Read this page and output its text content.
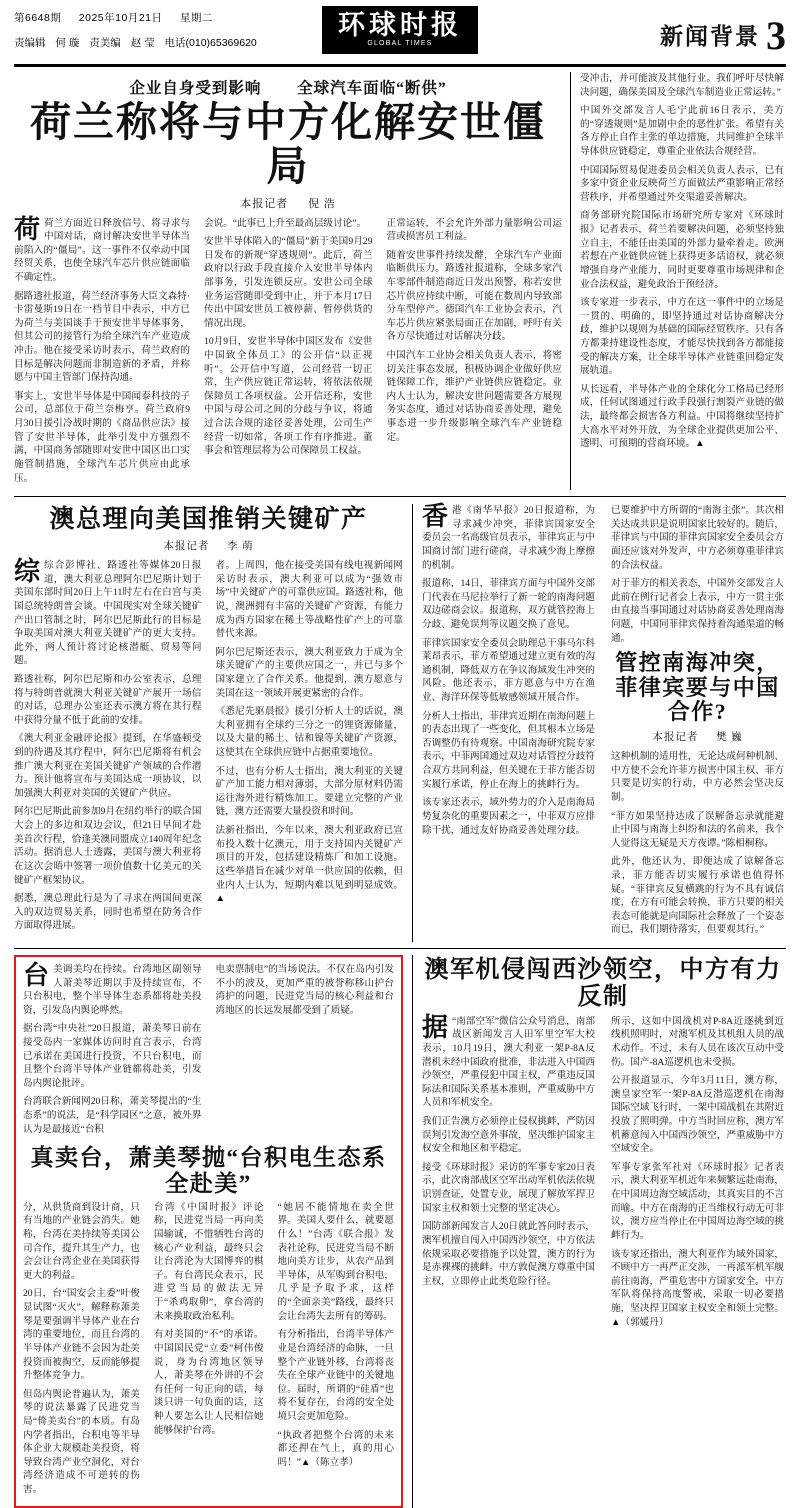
第6648期 2025年10月21日 星期二
责编辑 何 璇 责美编 赵 莹 电话(010)65369620
环球时报
GLOBAL TIMES	新闻背景 3
企业自身受到影响 全球汽车面临“断供”
荷兰称将与中方化解安世僵局
本报记者 倪 浩

荷荷兰方面近日释放信号、将寻求与中国对话，商讨解决安世半导体当前陷入的“僵局”。这一事件不仅牵动中国经贸关系，也使全球汽车芯片供应链面临不确定性。

据路透社报道，荷兰经济事务大臣文森特·卡雷曼斯19日在一档节目中表示，中方已为荷兰与美国谈手干预安世半导体事务，但其公司的接管行为给全球汽车产业造成冲击。他在接受采访时表示，荷兰政府的目标是解决问题而非制造新的矛盾，并称愿与中国主管部门保持沟通。

事实上，安世半导体是中国闻泰科技的子公司，总部位于荷兰奈梅亨。荷兰政府9月30日援引冷战时期的《商品供应法》接管了安世半导体，此举引发中方强烈不满，中国商务部随即对安世中国区出口实施管制措施，全球汽车芯片供应由此承压。

会说。“此事已上升至最高层级讨论”。

安世半导体陷入的“僵局”新于美国9月29日发布的新规“穿透规则”。此后，荷兰政府以行政手段直接介入安世半导体内部事务，引发连锁反应。安世公司全球业务运营随即受到中止，并于本月17日传出中国安世员工被停薪、暂停供货的情况出现。

10月9日，安世半导体中国区发布《安世中国致全体员工》的公开信“以正视听”。公开信中写道，公司经营一切正常，生产供应链正常运转，将依法依规保障员工各项权益。公开信还称，安世中国与母公司之间的分歧与争议，将通过合法合规的途径妥善处理，公司生产经营一切如常，各项工作有序推进。董事会和管理层将为公司保障员工权益。

正常运转，不会允许外部力量影响公司运营或损害员工利益。

随着安世事件持续发酵，全球汽车产业面临断供压力。路透社报道称，全球多家汽车零部件制造商近日发出预警，称若安世芯片供应持续中断，可能在数周内导致部分车型停产。德国汽车工业协会表示，汽车芯片供应紧张局面正在加剧，呼吁有关各方尽快通过对话解决分歧。

中国汽车工业协会相关负责人表示，将密切关注事态发展，积极协调企业做好供应链保障工作，维护产业链供应链稳定。业内人士认为，解决安世问题需要各方展现务实态度，通过对话协商妥善处理，避免事态进一步升级影响全球汽车产业链稳定。

受冲击，并可能波及其他行业。我们呼吁尽快解决问题，确保美国及全球汽车制造业正常运转。”

中国外交部发言人毛宁此前16日表示，美方的“穿透规则”是加剧中企的恶性扩张。希望有关各方停止自作主张的单边措施，共同维护全球半导体供应链稳定，尊重企业依法合规经营。

中国国际贸易促进委员会相关负责人表示，已有多家中资企业反映荷兰方面做法严重影响正常经营秩序，并希望通过外交渠道妥善解决。

商务部研究院国际市场研究所专家对《环球时报》记者表示，荷兰若要解决问题，必须坚持独立自主，不能任由美国的外部力量牵着走。欧洲若想在产业链供应链上获得更多话语权，就必须增强自身产业能力，同时更要尊重市场规律和企业合法权益，避免政治干预经济。

该专家进一步表示，中方在这一事件中的立场是一贯的、明确的，即坚持通过对话协商解决分歧，维护以规则为基础的国际经贸秩序。只有各方都秉持建设性态度，才能尽快找到各方都能接受的解决方案，让全球半导体产业链重回稳定发展轨道。

从长远看，半导体产业的全球化分工格局已经形成，任何试图通过行政手段强行割裂产业链的做法，最终都会损害各方利益。中国将继续坚持扩大高水平对外开放，为全球企业提供更加公平、透明、可预期的营商环境。▲

澳总理向美国推销关键矿产
本报记者 李 萌

综综合彭博社、路透社等媒体20日报道，澳大利亚总理阿尔巴尼斯计划于美国东部时间20日上午11时左右在白宫与美国总统特朗普会谈。中国现实对全球关键矿产出口管制之时，阿尔巴尼斯此行的目标是争取美国对澳大利亚关键矿产的更大支持。此外，两人预计将讨论核潜艇、贸易等问题。

路透社称，阿尔巴尼斯和办公室表示，总理将与特朗普就澳大利亚关键矿产展开一场信的对话，总理办公室还表示澳方将在其行程中获得分量不低于此前的安排。

《澳大利亚金融评论报》提到，在华盛顿受到的待遇及其疗程中，阿尔巴尼斯将有机会推广澳大利亚在美国关键矿产领域的合作潜力。预计他将宣布与美国达成一项协议，以加强澳大利亚对美国的关键矿产供应。

阿尔巴尼斯此前参加9月在纽约举行的联合国大会上的多边和双边会议，但21日早间才赴美首次行程，恰逢美澳同盟成立140周年纪念活动。据消息人士透露，美国与澳大利亚将在这次会晤中签署一项价值数十亿美元的关键矿产框架协议。

据悉，澳总理此行是为了寻求在两国间更深入的双边贸易关系，同时也希望在防务合作方面取得进展。

者。上周四，他在接受美国有线电视新闻网采访时表示，澳大利亚可以成为“强效市场”中关键矿产的可靠供应国。路透社称，他说，澳洲拥有丰富的关键矿产资源，有能力成为西方国家在稀土等战略性矿产上的可靠替代来源。

阿尔巴尼斯还表示，澳大利亚致力于成为全球关键矿产的主要供应国之一，并已与多个国家建立了合作关系。他提到，澳方愿意与美国在这一领域开展更紧密的合作。

《悉尼先驱晨报》援引分析人士的话说，澳大利亚拥有全球约三分之一的锂资源储量，以及大量的稀土、钴和镍等关键矿产资源，这使其在全球供应链中占据重要地位。

不过，也有分析人士指出，澳大利亚的关键矿产加工能力相对薄弱，大部分原材料仍需运往海外进行精炼加工。要建立完整的产业链，澳方还需要大量投资和时间。

法新社指出，今年以来，澳大利亚政府已宣布投入数十亿澳元，用于支持国内关键矿产项目的开发，包括建设精炼厂和加工设施。这些举措旨在减少对单一供应国的依赖，但业内人士认为，短期内难以见到明显成效。▲

香港《南华早报》20日报道称，为寻求减少冲突，菲律宾国家安全委员会一名高级官员表示，菲律宾正与中国商讨部门进行磋商，寻求减少海上摩擦的机制。

报道称，14日，菲律宾方面与中国外交部门代表在马尼拉举行了新一轮的南海问题双边磋商会议。报道称，双方就管控海上分歧、避免误判等议题交换了意见。

菲律宾国家安全委员会助理总干事马尔科莱昂表示，菲方希望通过建立更有效的沟通机制，降低双方在争议海域发生冲突的风险。他还表示，菲方愿意与中方在渔业、海洋环保等低敏感领域开展合作。

分析人士指出，菲律宾近期在南海问题上的表态出现了一些变化，但其根本立场是否调整仍有待观察。中国南海研究院专家表示，中菲两国通过双边对话管控分歧符合双方共同利益，但关键在于菲方能否切实履行承诺，停止在海上的挑衅行为。

该专家还表示，域外势力的介入是南海局势复杂化的重要因素之一，中菲双方应排除干扰，通过友好协商妥善处理分歧。

已要维护中方所谓的“南海主张”。其次相关达成共识是说明国家比较好的。随后，菲律宾与中国的菲律宾国家安全委员会方面还应该对外发声，中方必须尊重菲律宾的合法权益。

对于菲方的相关表态，中国外交部发言人此前在例行记者会上表示，中方一贯主张由直接当事国通过对话协商妥善处理南海问题，中国同菲律宾保持着沟通渠道的畅通。

管控南海冲突，菲律宾要与中国合作?
本报记者 樊 巍

这种机制的适用性，无论达成何种机制、中方使不会允许菲方损害中国主权、菲方只要是切实的行动，中方必然会坚决反制。

“菲方如果坚持达成了误解备忘录就能避止中国与南海上纠纷和法的名前来，我个人觉得这无疑是天方夜谭。”陈相桐称。

此外，他还认为，即便达成了谅解备忘录，菲方能否切实履行承诺也值得怀疑。“菲律宾反复横跳的行为不具有诚信度，在方有可能会转换，菲方只要的相关表态可能就是向国际社会释放了一个姿态而已，我们期待落实，但要观其行。”

台美调美均在持续。台湾地区副领导人萧美琴近期以手及持续宣布，不只台积电，整个半导体生态系都将赴美投资，引发岛内舆论哗然。

据台湾“中央社”20日报道，萧美琴日前在接受岛内一家媒体访问时直言表示，台湾已承诺在美国进行投资，不只台积电，而且整个台湾半导体产业链都将赴美，引发岛内舆论批评。

台湾联合新闻网20日称，萧美琴提出的“生态系”的说法，是“科学园区”之意，被外界认为是最接近“台积

电卖票制电”的当场说法。不仅在岛内引发不小的波及，更加严重的被誉称移山护台湾护的问题，民进党当局的核心利益和台湾地区的长远发展都受到了质疑。

真卖台，萧美琴抛“台积电生态系全赴美”

分，从供货商到设计商，只有当地的产业链会消失。她称，台湾在美持续等美国公司合作，提升其生产力，也会会让台湾企业在美国获得更大的利益。

20日，台“国安会主委”叶俊显试图“灭火”，解释称萧美琴是要强调半导体产业在台湾的重要地位，而且台湾的半导体产业链不会因为赴美投资而被掏空，反而能够提升整体竞争力。

但岛内舆论普遍认为，萧美琴的说法暴露了民进党当局“倚美卖台”的本质。有岛内学者指出，台积电等半导体企业大规模赴美投资，将导致台湾产业空洞化，对台湾经济造成不可逆转的伤害。

台湾《中国时报》评论称，民进党当局一再向美国输诚，不惜牺牲台湾的核心产业利益，最终只会让台湾沦为大国博弈的棋子。有台湾民众表示，民进党当局的做法无异于“杀鸡取卵”，拿台湾的未来换取政治私利。

有对美国的“不”的承诺。中国国民党“立委”柯伟俊说，身为台湾地区领导人，萧美琴在外讲的不会有任何一句正向的话，每谈只讲一句负面的话，这种人要怎么让人民相信她能够保护台湾。

“她居不能情地在卖全世界。美国人要什么，就要愿什么！”台湾《联合报》发表社论称，民进党当局不断地向美方让步，从农产品到半导体，从军购到台积电，几乎是予取予求，这样的“全面亲美”路线，最终只会让台湾失去所有的筹码。

有分析指出，台湾半导体产业是台湾经济的命脉，一旦整个产业链外移，台湾将丧失在全球产业链中的关键地位。届时，所谓的“硅盾”也将不复存在，台湾的安全处境只会更加危险。

“执政者把整个台湾的未来都还押在气上，真的用心吗！”▲（陈立孝）

澳军机侵闯西沙领空，中方有力反制

据 “南部空军”微信公众号消息，南部战区新闻发言人田军里空军大校表示，10月19日，澳大利亚一架P-8A反潜机未经中国政府批准，非法进入中国西沙领空，严重侵犯中国主权，严重违反国际法和国际关系基本准则，严重威胁中方人员和军机安全。

我们正告澳方必须停止侵权挑衅，严防因误判引发海空意外事故，坚决维护国家主权安全和地区和平稳定。

接受《环球时报》采访的军事专家20日表示，此次南部战区空军出动军机依法依规识别查证，处置专业，展现了解放军捍卫国家主权和领土完整的坚定决心。

国防部新闻发言人20日就此答问时表示，澳军机擅自闯入中国西沙领空，中方依法依规采取必要措施予以处置，澳方的行为是赤裸裸的挑衅。中方敦促澳方尊重中国主权，立即停止此类危险行径。

所示，这如中国战机对P-8A近逐挑到近线机照明时，对澳军机及其机组人员的战术动作。不过，未有人员在该次互动中受伤。国产-8A巡逻机也未受损。

公开报道显示，今年3月11日，澳方称，澳皇家空军一架P-8A反潜巡逻机在南海国际空域飞行时，一架中国战机在其附近投放了照明弹。中方当时回应称，澳方军机蓄意闯入中国西沙领空，严重威胁中方空域安全。

军事专家张军社对《环球时报》记者表示，澳大利亚军机近年来频繁远赴南海，在中国周边海空域活动，其真实目的不言而喻。中方在南海的正当维权行动无可非议，澳方应当停止在中国周边海空域的挑衅行为。

该专家还指出，澳大利亚作为域外国家，不顾中方一再严正交涉，一再派军机军舰前往南海，严重危害中方国家安全。中方军队将保持高度警戒，采取一切必要措施，坚决捍卫国家主权安全和领土完整。▲（郭媛丹）
